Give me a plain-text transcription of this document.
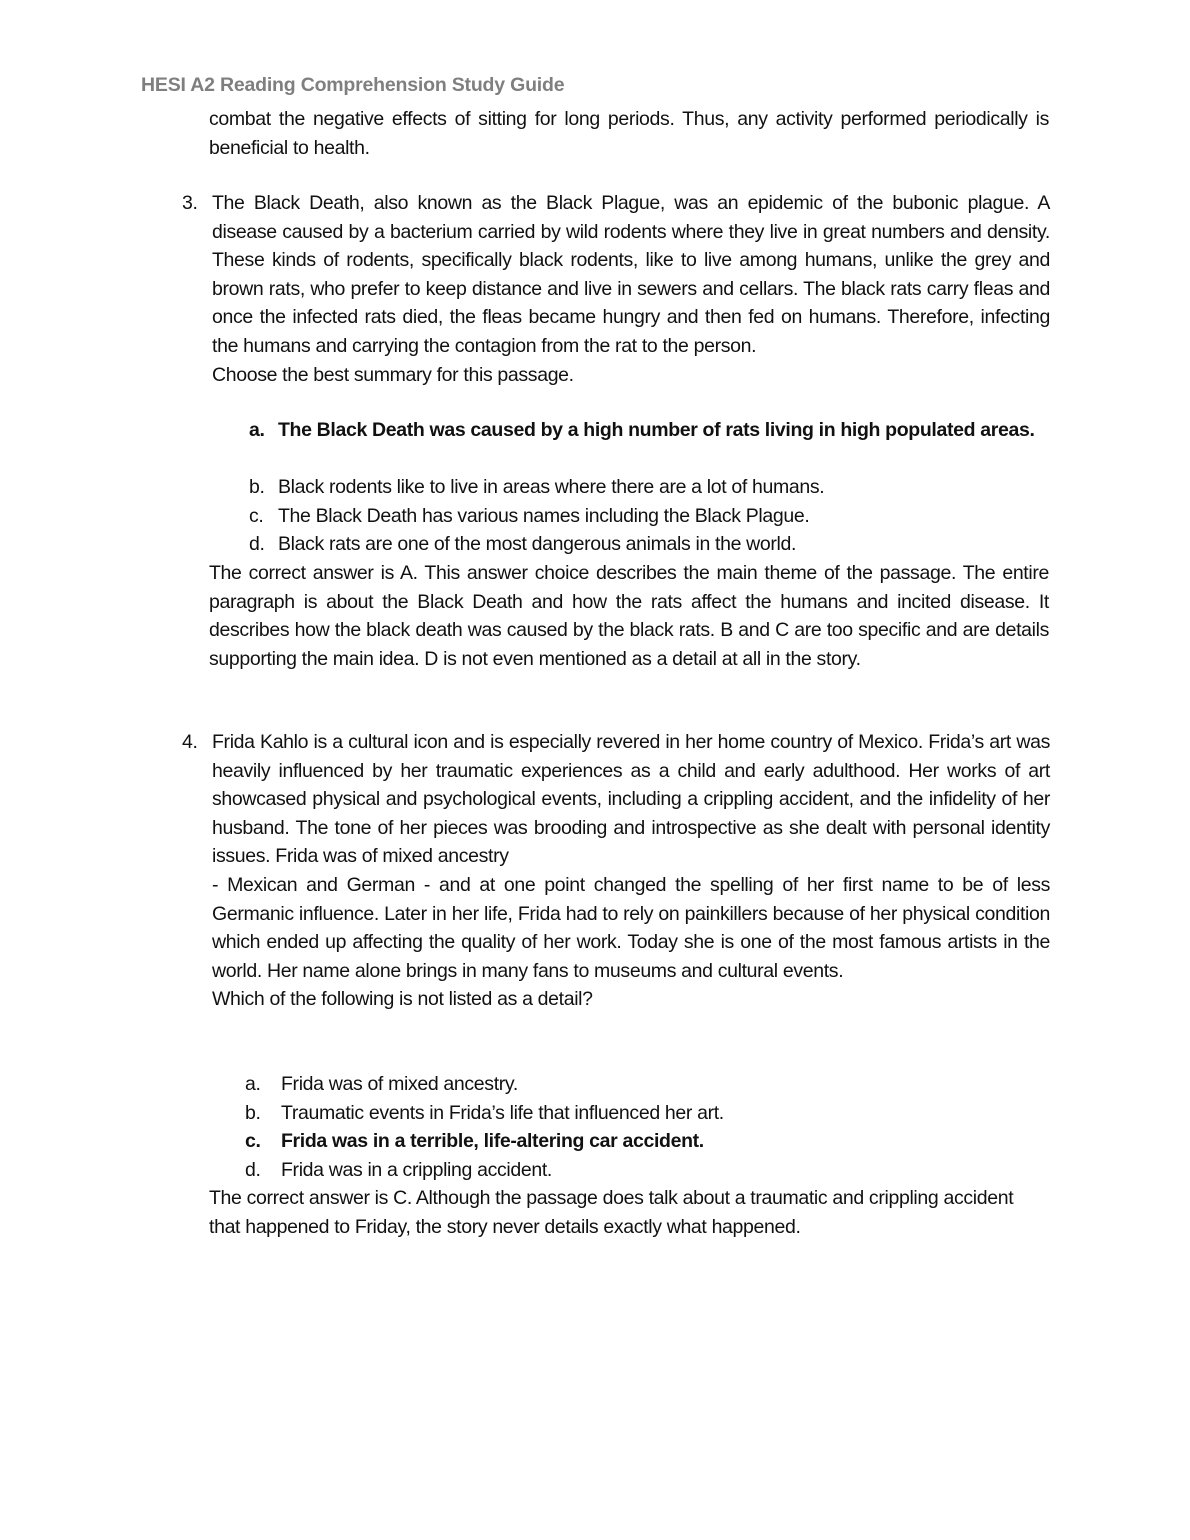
HESI A2 Reading Comprehension Study Guide
combat the negative effects of sitting for long periods. Thus, any activity performed periodically is beneficial to health.
3. The Black Death, also known as the Black Plague, was an epidemic of the bubonic plague. A disease caused by a bacterium carried by wild rodents where they live in great numbers and density. These kinds of rodents, specifically black rodents, like to live among humans, unlike the grey and brown rats, who prefer to keep distance and live in sewers and cellars. The black rats carry fleas and once the infected rats died, the fleas became hungry and then fed on humans. Therefore, infecting the humans and carrying the contagion from the rat to the person.
Choose the best summary for this passage.
a. The Black Death was caused by a high number of rats living in high populated areas.
b. Black rodents like to live in areas where there are a lot of humans.
c. The Black Death has various names including the Black Plague.
d. Black rats are one of the most dangerous animals in the world.
The correct answer is A. This answer choice describes the main theme of the passage. The entire paragraph is about the Black Death and how the rats affect the humans and incited disease. It describes how the black death was caused by the black rats. B and C are too specific and are details supporting the main idea. D is not even mentioned as a detail at all in the story.
4. Frida Kahlo is a cultural icon and is especially revered in her home country of Mexico. Frida’s art was heavily influenced by her traumatic experiences as a child and early adulthood. Her works of art showcased physical and psychological events, including a crippling accident, and the infidelity of her husband. The tone of her pieces was brooding and introspective as she dealt with personal identity issues. Frida was of mixed ancestry
- Mexican and German - and at one point changed the spelling of her first name to be of less Germanic influence. Later in her life, Frida had to rely on painkillers because of her physical condition which ended up affecting the quality of her work. Today she is one of the most famous artists in the world. Her name alone brings in many fans to museums and cultural events.
Which of the following is not listed as a detail?
a. Frida was of mixed ancestry.
b. Traumatic events in Frida’s life that influenced her art.
c. Frida was in a terrible, life-altering car accident.
d. Frida was in a crippling accident.
The correct answer is C. Although the passage does talk about a traumatic and crippling accident that happened to Friday, the story never details exactly what happened.
